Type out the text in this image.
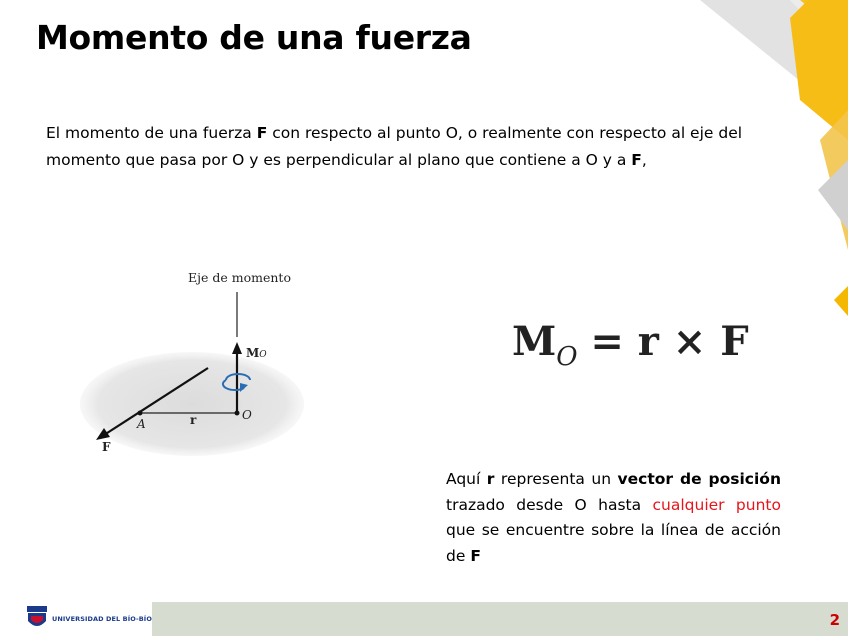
Momento de una fuerza

El momento de una fuerza F con respecto al punto O, o realmente con respecto al eje del momento que pasa por O y es perpendicular al plano que contiene a O y a F,

Eje de momento
MO
O
A	r
F
$M_O = r \times F$

Aquí r representa un vector de posición trazado desde O hasta cualquier punto que se encuentre sobre la línea de acción de F

UNIVERSIDAD DEL BÍO-BÍO	2
